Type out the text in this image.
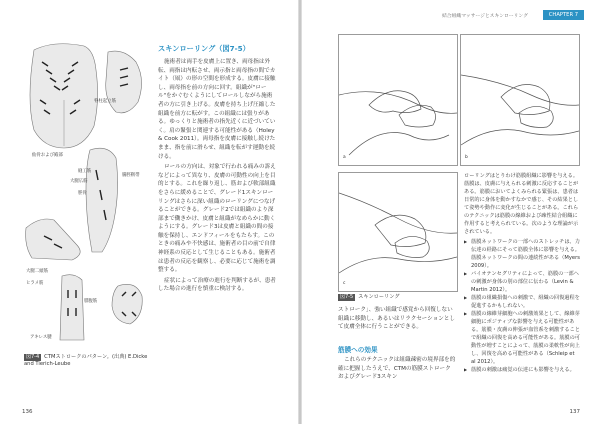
脊柱起立筋
仙骨および殿部
縫工筋
大腿広筋
脛骨
腸脛靭帯
大腿二頭筋
ヒラメ筋
腓腹筋
アキレス腱
図7-4 CTMストロークのパターン。(出典) E.Dicke and Tierich-Leube
スキンローリング（図7-5）

施術者は両手を皮膚上に置き、両母指は外転、両指は内転させ、両示指と両母指の間でカイト（凧）の形の空間を形成する。皮膚に接触し、両母指を前の方向に回す。組織が"ロール"をかぐむくようにしてロールしながら施術者の方に引き上げる。皮膚を持ち上げ圧縮した組織を前方に転がす。この組織には張りがある。ゆっくりと施術者の指先近くに近づいていく。肩の緊張と関連する可能性がある（Holey & Cook 2011）。両母指を皮膚に接触し続けたまま、指を前に滑らせ、組織を転がす運動を続ける。

ロールの方向は、対象で行われる痛みの訴えなどによって異なり、皮膚の可動性の向上を目的とする。これを繰り返し、筋および軟部組織をさらに緩めることで、グレード1スキンローリングはさらに深い組織のローリングにつなげることができる。グレード2では組織のより深部まで働きかけ、皮膚と組織がなめらかに動くようにする。グレード3は皮膚と組織の間の接触を保持し、エンドフィールをもたらす。このときの痛みや不快感は、施術者の目の前で自律神経系の反応として生じることもある。施術者は患者の反応を観察し、必要に応じて施術を調整する。

症状によって治療の進行を判断するが、患者した場合の進行を慎重に検討する。

136
結合組織マッサージとスキンローリング	CHAPTER 7
a	b
c
図7-5 スキンローリング

ストローク」、強い組織で感覚から回復しない組織に移動し、あるいはリラクセーションとして皮膚全体に行うことができる。

筋膜への効果

これらのテクニックは組織疎密の境界部を的確に把握したうえで、CTMの筋膜ストロークおよびグレード3スキン

ローリングはとりわけ筋膜組織に影響を与える。筋膜は、皮膚に与えられる刺激に反応することがある。筋膜においてよくみられる緊張は、患者は日常的に身体を動かすなかで感じ、その結果として姿勢や動作に変化が生じることがある。これらのテクニックは筋膜の線維および疎性結合組織に作用すると考えられている。次のような理論が示されている。

▶ 筋膜ネットワークの一部へのストレッチは、力伝達の経路にそって筋膜全体に影響を与える。筋膜ネットワークの間の連続性がある（Myers 2009）。
▶ バイオテンセグリティによって、筋膜の一部への刺激が身体の別の部位に伝わる（Levin & Martin 2012）。
▶ 筋膜の組織損傷への刺激で、組織の回復過程を促進するかもしれない。
▶ 筋膜の線維芽細胞への刺激効果として、線維芽細胞にポジティブな影響を与える可能性がある。筋膜・皮膚の伸張が血管系を刺激することで組織の回復を高める可能性がある。筋膜の可動性が増すことによって、筋膜の柔軟性が向上し、回復を高める可能性がある（Schleip et al 2012）。
▶ 筋膜の刺激は痛覚の伝達にも影響を与える。
137
